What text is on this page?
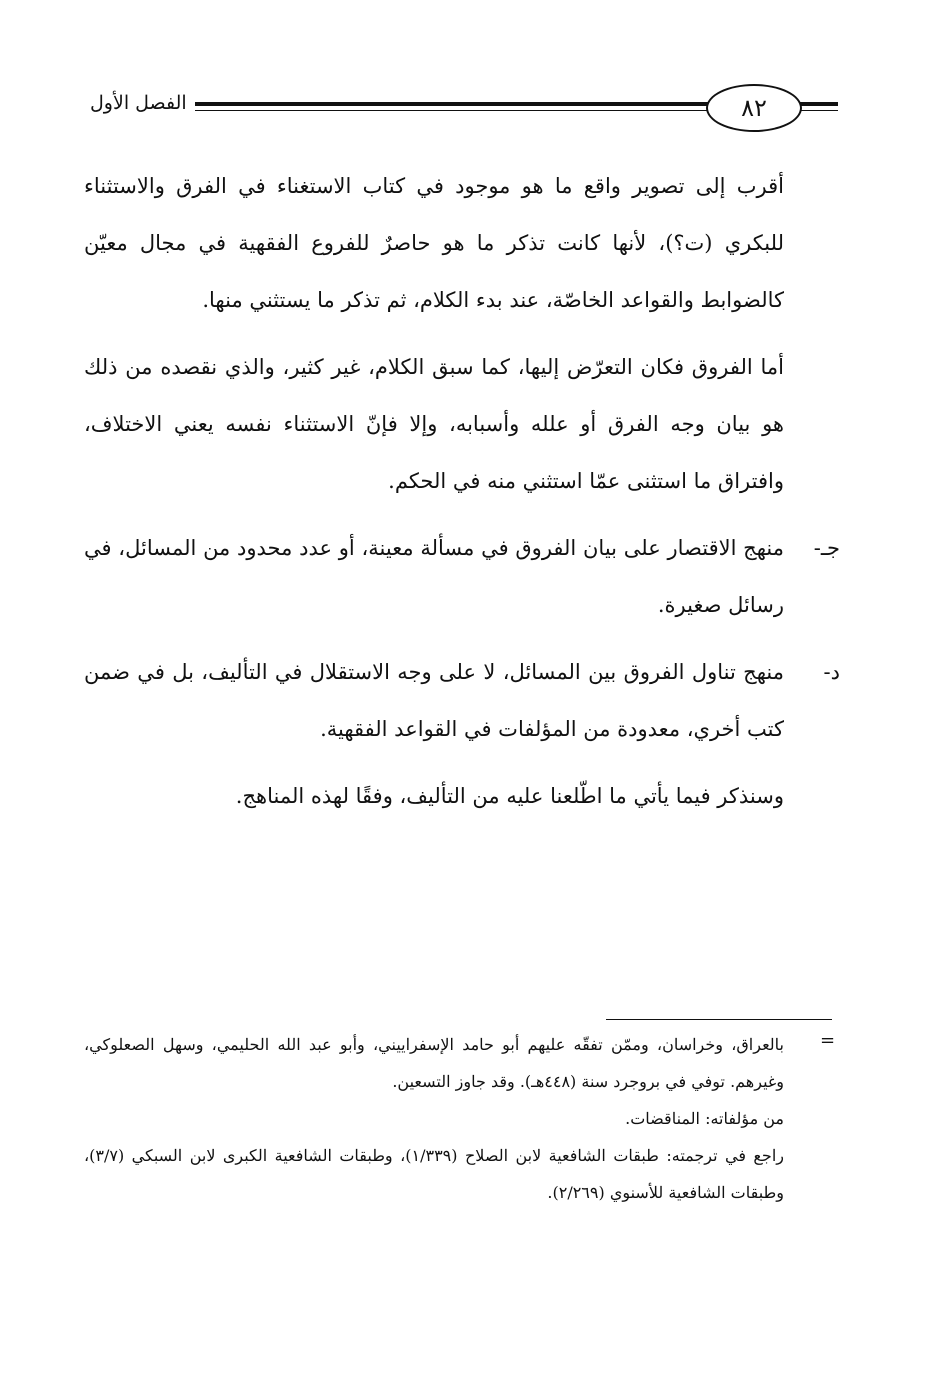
الفصل الأول	٨٢

أقرب إلى تصوير واقع ما هو موجود في كتاب الاستغناء في الفرق والاستثناء للبكري (ت؟)، لأنها كانت تذكر ما هو حاصرٌ للفروع الفقهية في مجال معيّن كالضوابط والقواعد الخاصّة، عند بدء الكلام، ثم تذكر ما يستثني منها.

أما الفروق فكان التعرّض إليها، كما سبق الكلام، غير كثير، والذي نقصده من ذلك هو بيان وجه الفرق أو علله وأسبابه، وإلا فإنّ الاستثناء نفسه يعني الاختلاف، وافتراق ما استثنى عمّا استثني منه في الحكم.

جـ-
منهج الاقتصار على بيان الفروق في مسألة معينة، أو عدد محدود من المسائل، في رسائل صغيرة.
د-
منهج تناول الفروق بين المسائل، لا على وجه الاستقلال في التأليف، بل في ضمن كتب أخري، معدودة من المؤلفات في القواعد الفقهية.

وسنذكر فيما يأتي ما اطّلعنا عليه من التأليف، وفقًا لهذه المناهج.

=

بالعراق، وخراسان، وممّن تفقّه عليهم أبو حامد الإسفراييني، وأبو عبد الله الحليمي، وسهل الصعلوكي، وغيرهم. توفي في بروجرد سنة (٤٤٨هـ). وقد جاوز التسعين.

من مؤلفاته: المناقضات.

راجع في ترجمته: طبقات الشافعية لابن الصلاح (١/٣٣٩)، وطبقات الشافعية الكبرى لابن السبكي (٣/٧)، وطبقات الشافعية للأسنوي (٢/٢٦٩).
